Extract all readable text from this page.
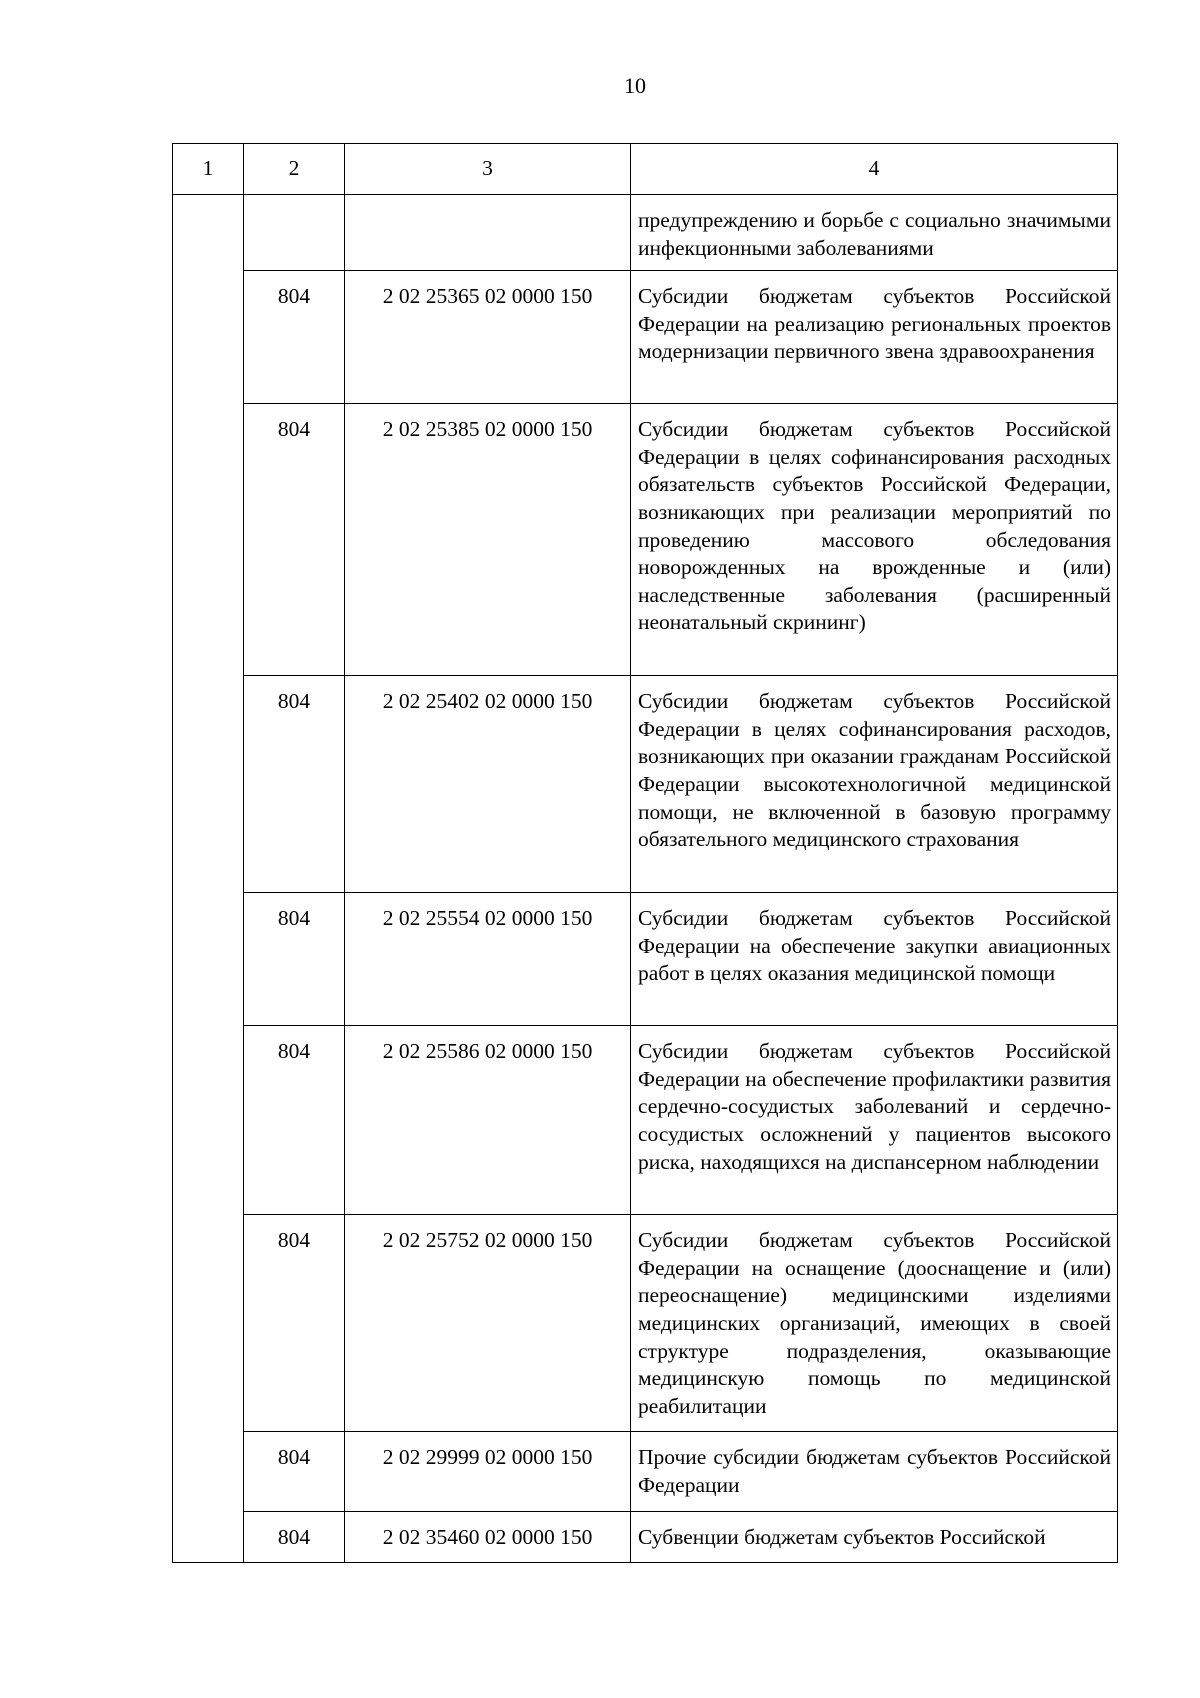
10
1	2	3	4
			предупреждению и борьбе с социально значимыми инфекционными заболеваниями
	804	2 02 25365 02 0000 150	Субсидии бюджетам субъектов Российской Федерации на реализацию региональных проектов модернизации первичного звена здравоохранения
	804	2 02 25385 02 0000 150	Субсидии бюджетам субъектов Российской Федерации в целях софинансирования расходных обязательств субъектов Российской Федерации, возникающих при реализации мероприятий по проведению массового обследования новорожденных на врожденные и (или) наследственные заболевания (расширенный неонатальный скрининг)
	804	2 02 25402 02 0000 150	Субсидии бюджетам субъектов Российской Федерации в целях софинансирования расходов, возникающих при оказании гражданам Российской Федерации высокотехнологичной медицинской помощи, не включенной в базовую программу обязательного медицинского страхования
	804	2 02 25554 02 0000 150	Субсидии бюджетам субъектов Российской Федерации на обеспечение закупки авиационных работ в целях оказания медицинской помощи
	804	2 02 25586 02 0000 150	Субсидии бюджетам субъектов Российской Федерации на обеспечение профилактики развития сердечно-сосудистых заболеваний и сердечно-сосудистых осложнений у пациентов высокого риска, находящихся на диспансерном наблюдении
	804	2 02 25752 02 0000 150	Субсидии бюджетам субъектов Российской Федерации на оснащение (дооснащение и (или) переоснащение) медицинскими изделиями медицинских организаций, имеющих в своей структуре подразделения, оказывающие медицинскую помощь по медицинской реабилитации
	804	2 02 29999 02 0000 150	Прочие субсидии бюджетам субъектов Российской Федерации
	804	2 02 35460 02 0000 150	Субвенции бюджетам субъектов Российской
